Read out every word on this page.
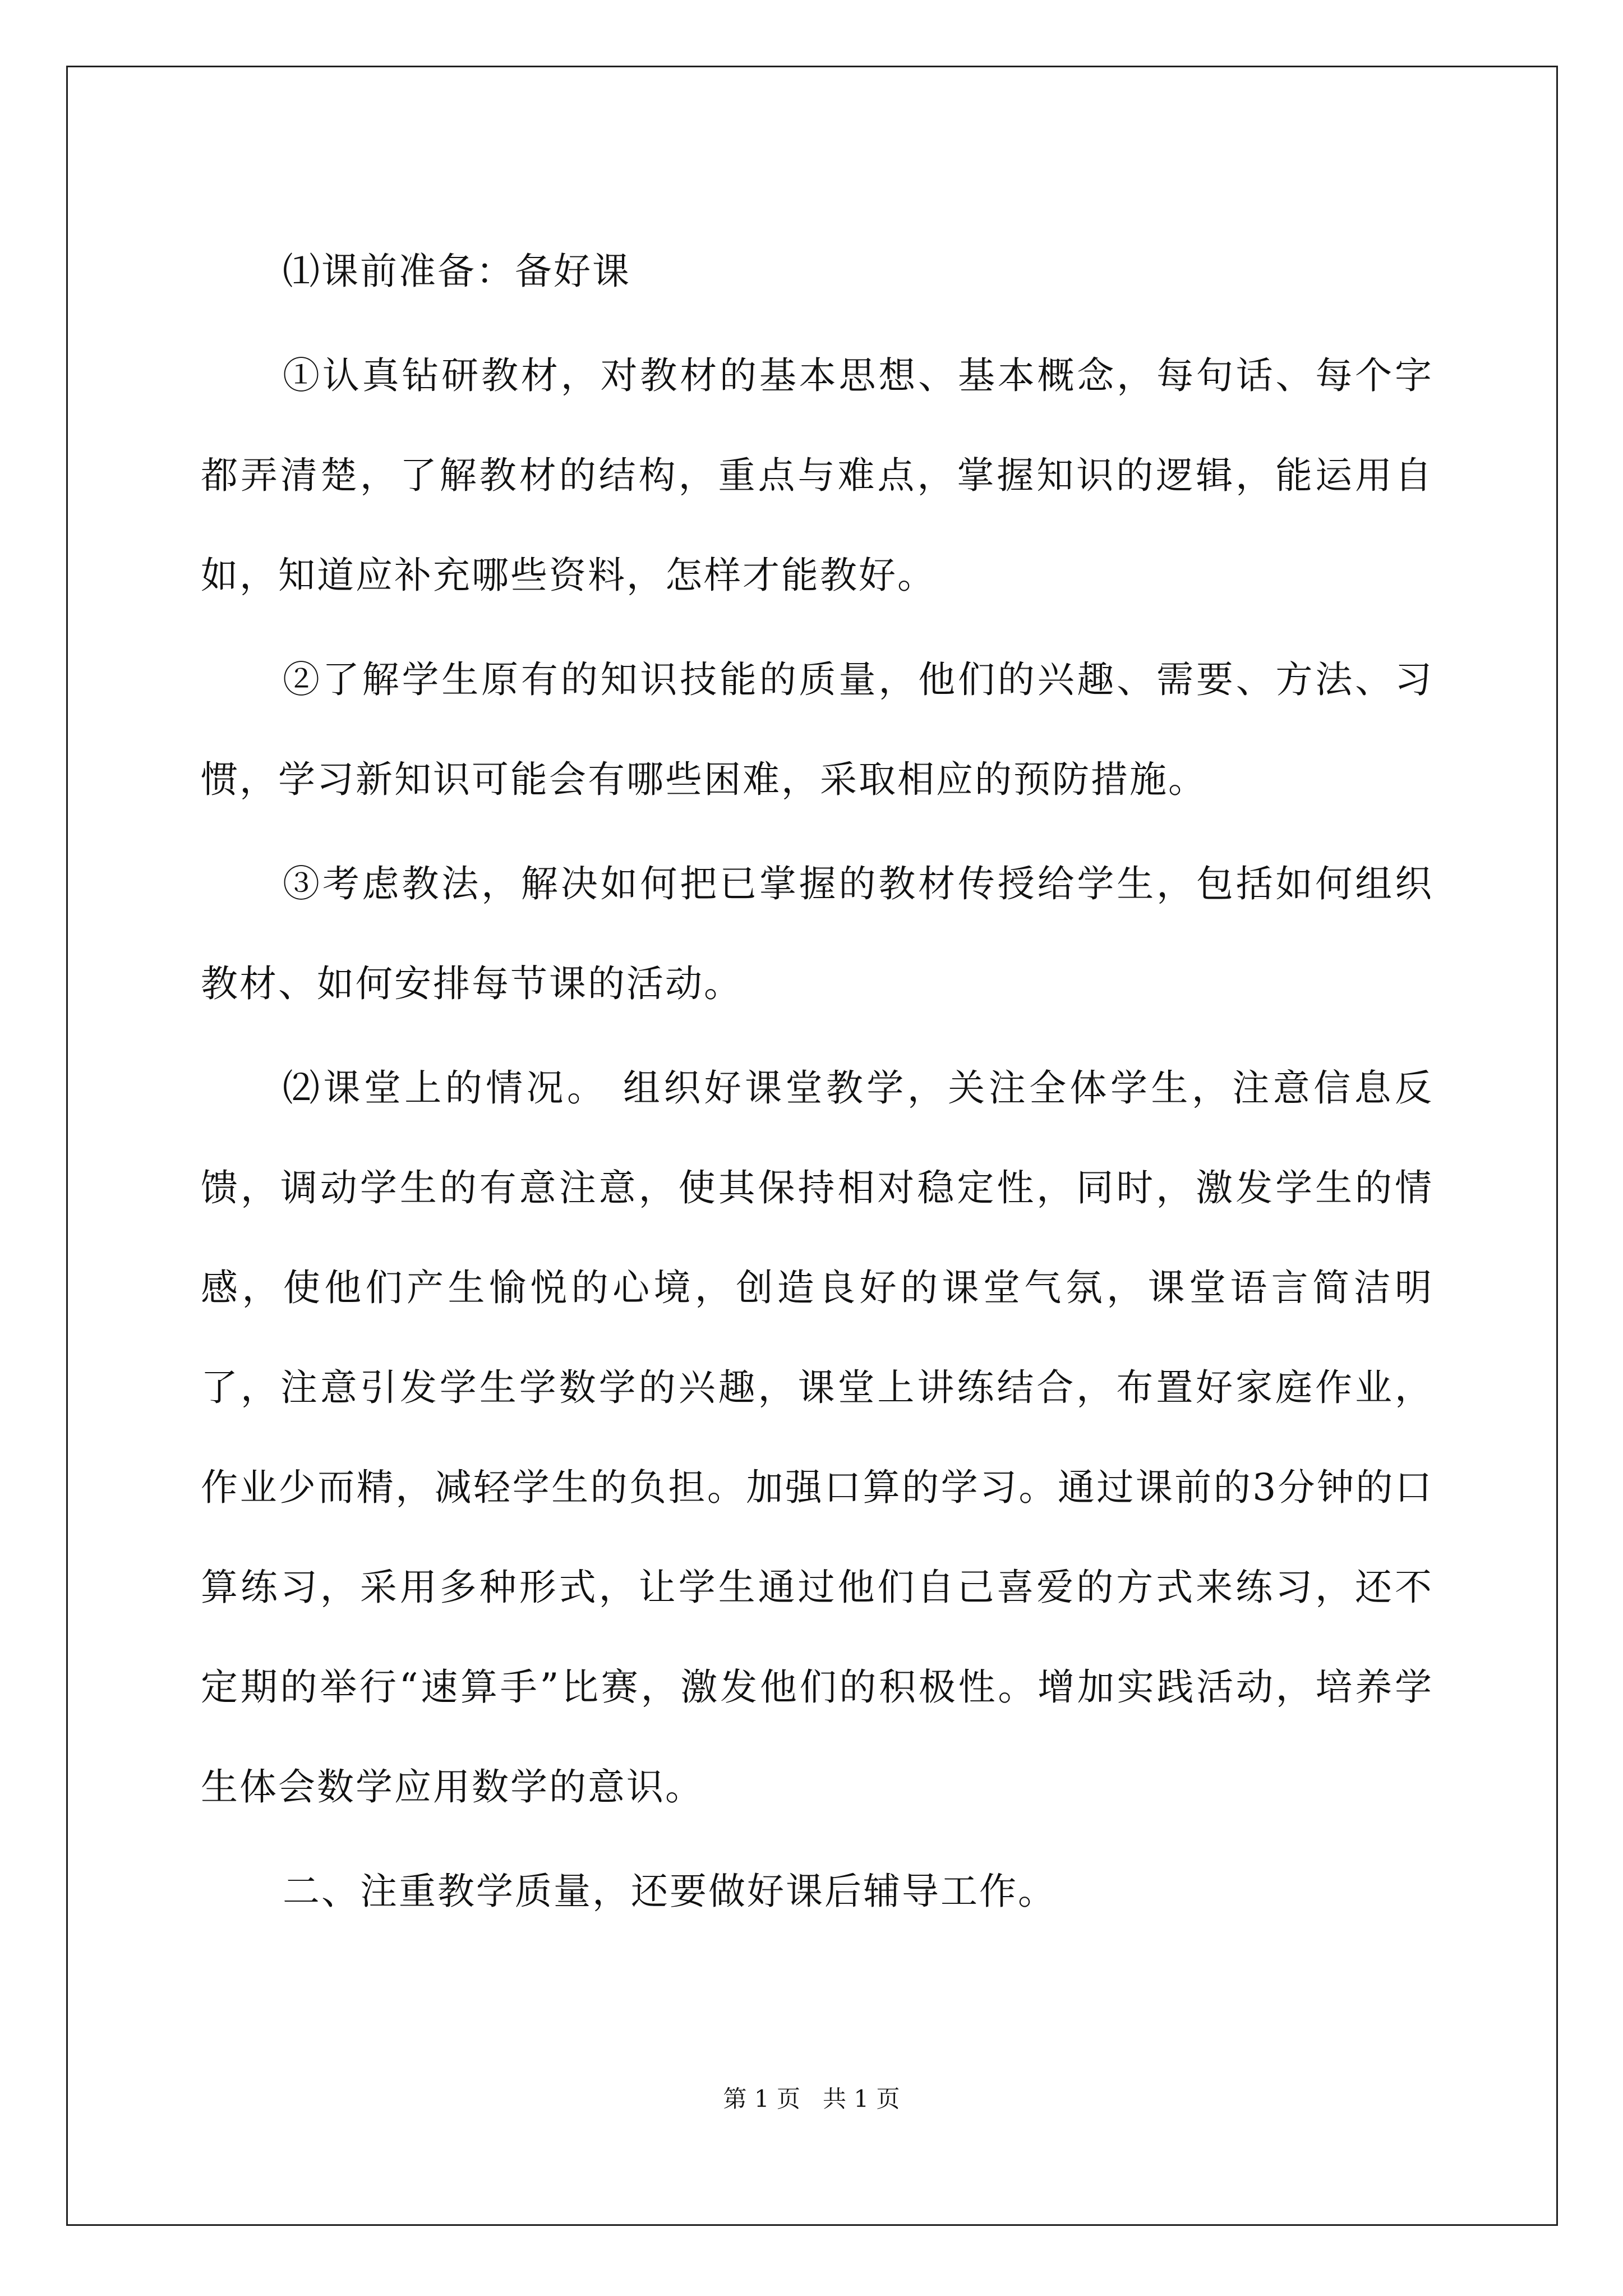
⑴课前准备：备好课

①认真钻研教材，对教材的基本思想、基本概念，每句话、每个字都弄清楚，了解教材的结构，重点与难点，掌握知识的逻辑，能运用自如，知道应补充哪些资料，怎样才能教好。

②了解学生原有的知识技能的质量，他们的兴趣、需要、方法、习惯，学习新知识可能会有哪些困难，采取相应的预防措施。

③考虑教法，解决如何把已掌握的教材传授给学生，包括如何组织教材、如何安排每节课的活动。

⑵课堂上的情况。 组织好课堂教学，关注全体学生，注意信息反馈，调动学生的有意注意，使其保持相对稳定性，同时，激发学生的情感，使他们产生愉悦的心境，创造良好的课堂气氛，课堂语言简洁明了，注意引发学生学数学的兴趣，课堂上讲练结合，布置好家庭作业，作业少而精，减轻学生的负担。加强口算的学习。通过课前的3分钟的口算练习，采用多种形式，让学生通过他们自己喜爱的方式来练习，还不定期的举行“速算手”比赛，激发他们的积极性。增加实践活动，培养学生体会数学应用数学的意识。

二、注重教学质量，还要做好课后辅导工作。

第 1 页   共 1 页
